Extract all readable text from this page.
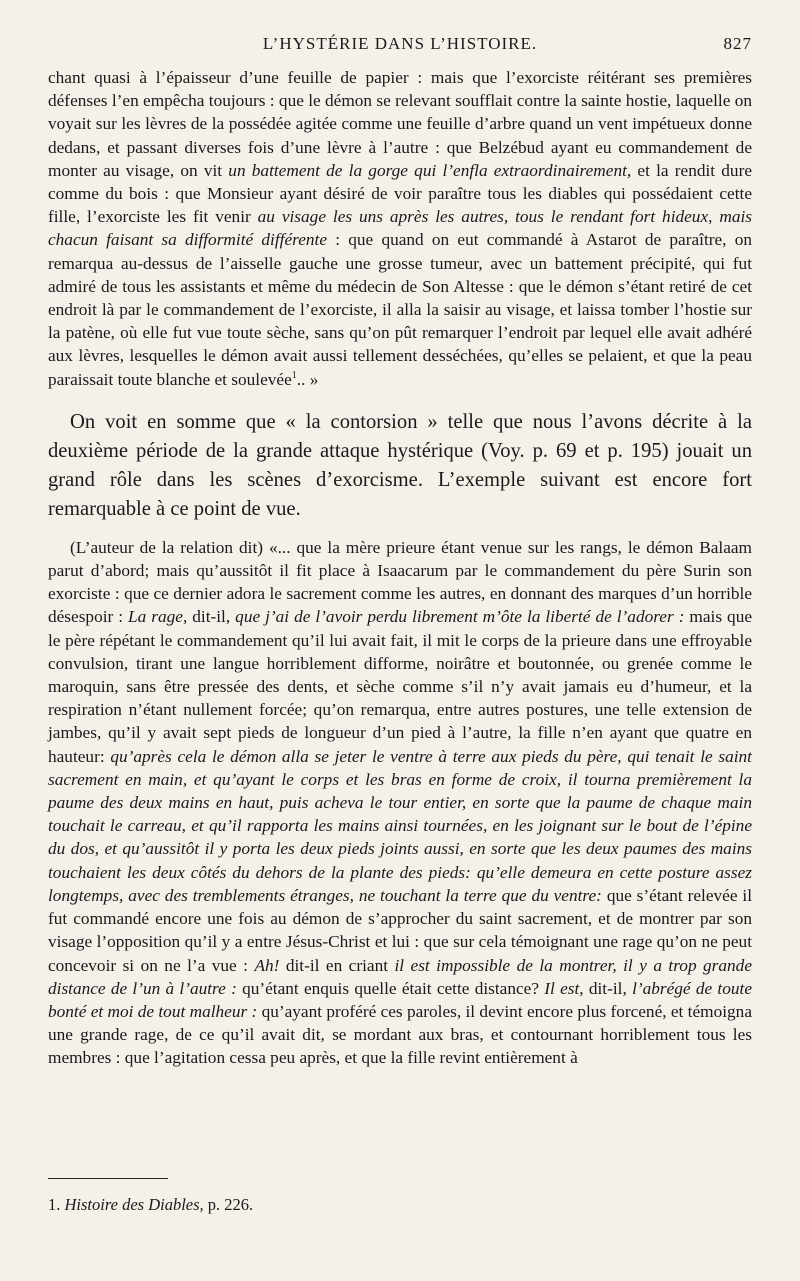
L’HYSTÉRIE DANS L’HISTOIRE.	827

chant quasi à l’épaisseur d’une feuille de papier : mais que l’exorciste réitérant ses premières défenses l’en empêcha toujours : que le démon se relevant soufflait contre la sainte hostie, laquelle on voyait sur les lèvres de la possédée agitée comme une feuille d’arbre quand un vent impétueux donne dedans, et passant diverses fois d’une lèvre à l’autre : que Belzébud ayant eu commandement de monter au visage, on vit un battement de la gorge qui l’enfla extraordinairement, et la rendit dure comme du bois : que Monsieur ayant désiré de voir paraître tous les diables qui possédaient cette fille, l’exorciste les fit venir au visage les uns après les autres, tous le rendant fort hideux, mais chacun faisant sa difformité différente : que quand on eut commandé à Astarot de paraître, on remarqua au-dessus de l’aisselle gauche une grosse tumeur, avec un battement précipité, qui fut admiré de tous les assistants et même du médecin de Son Altesse : que le démon s’étant retiré de cet endroit là par le commandement de l’exorciste, il alla la saisir au visage, et laissa tomber l’hostie sur la patène, où elle fut vue toute sèche, sans qu’on pût remarquer l’endroit par lequel elle avait adhéré aux lèvres, lesquelles le démon avait aussi tellement desséchées, qu’elles se pelaient, et que la peau paraissait toute blanche et soulevée$^1$.. »

On voit en somme que « la contorsion » telle que nous l’avons décrite à la deuxième période de la grande attaque hystérique (Voy. p. 69 et p. 195) jouait un grand rôle dans les scènes d’exorcisme. L’exemple suivant est encore fort remarquable à ce point de vue.

(L’auteur de la relation dit) «... que la mère prieure étant venue sur les rangs, le démon Balaam parut d’abord; mais qu’aussitôt il fit place à Isaacarum par le commandement du père Surin son exorciste : que ce dernier adora le sacrement comme les autres, en donnant des marques d’un horrible désespoir : La rage, dit-il, que j’ai de l’avoir perdu librement m’ôte la liberté de l’adorer : mais que le père répétant le commandement qu’il lui avait fait, il mit le corps de la prieure dans une effroyable convulsion, tirant une langue horriblement difforme, noirâtre et boutonnée, ou grenée comme le maroquin, sans être pressée des dents, et sèche comme s’il n’y avait jamais eu d’humeur, et la respiration n’étant nullement forcée; qu’on remarqua, entre autres postures, une telle extension de jambes, qu’il y avait sept pieds de longueur d’un pied à l’autre, la fille n’en ayant que quatre en hauteur: qu’après cela le démon alla se jeter le ventre à terre aux pieds du père, qui tenait le saint sacrement en main, et qu’ayant le corps et les bras en forme de croix, il tourna premièrement la paume des deux mains en haut, puis acheva le tour entier, en sorte que la paume de chaque main touchait le carreau, et qu’il rapporta les mains ainsi tournées, en les joignant sur le bout de l’épine du dos, et qu’aussitôt il y porta les deux pieds joints aussi, en sorte que les deux paumes des mains touchaient les deux côtés du dehors de la plante des pieds: qu’elle demeura en cette posture assez longtemps, avec des tremblements étranges, ne touchant la terre que du ventre: que s’étant relevée il fut commandé encore une fois au démon de s’approcher du saint sacrement, et de montrer par son visage l’opposition qu’il y a entre Jésus-Christ et lui : que sur cela témoignant une rage qu’on ne peut concevoir si on ne l’a vue : Ah! dit-il en criant il est impossible de la montrer, il y a trop grande distance de l’un à l’autre : qu’étant enquis quelle était cette distance? Il est, dit-il, l’abrégé de toute bonté et moi de tout malheur : qu’ayant proféré ces paroles, il devint encore plus forcené, et témoigna une grande rage, de ce qu’il avait dit, se mordant aux bras, et contournant horriblement tous les membres : que l’agitation cessa peu après, et que la fille revint entièrement à

1. Histoire des Diables, p. 226.
